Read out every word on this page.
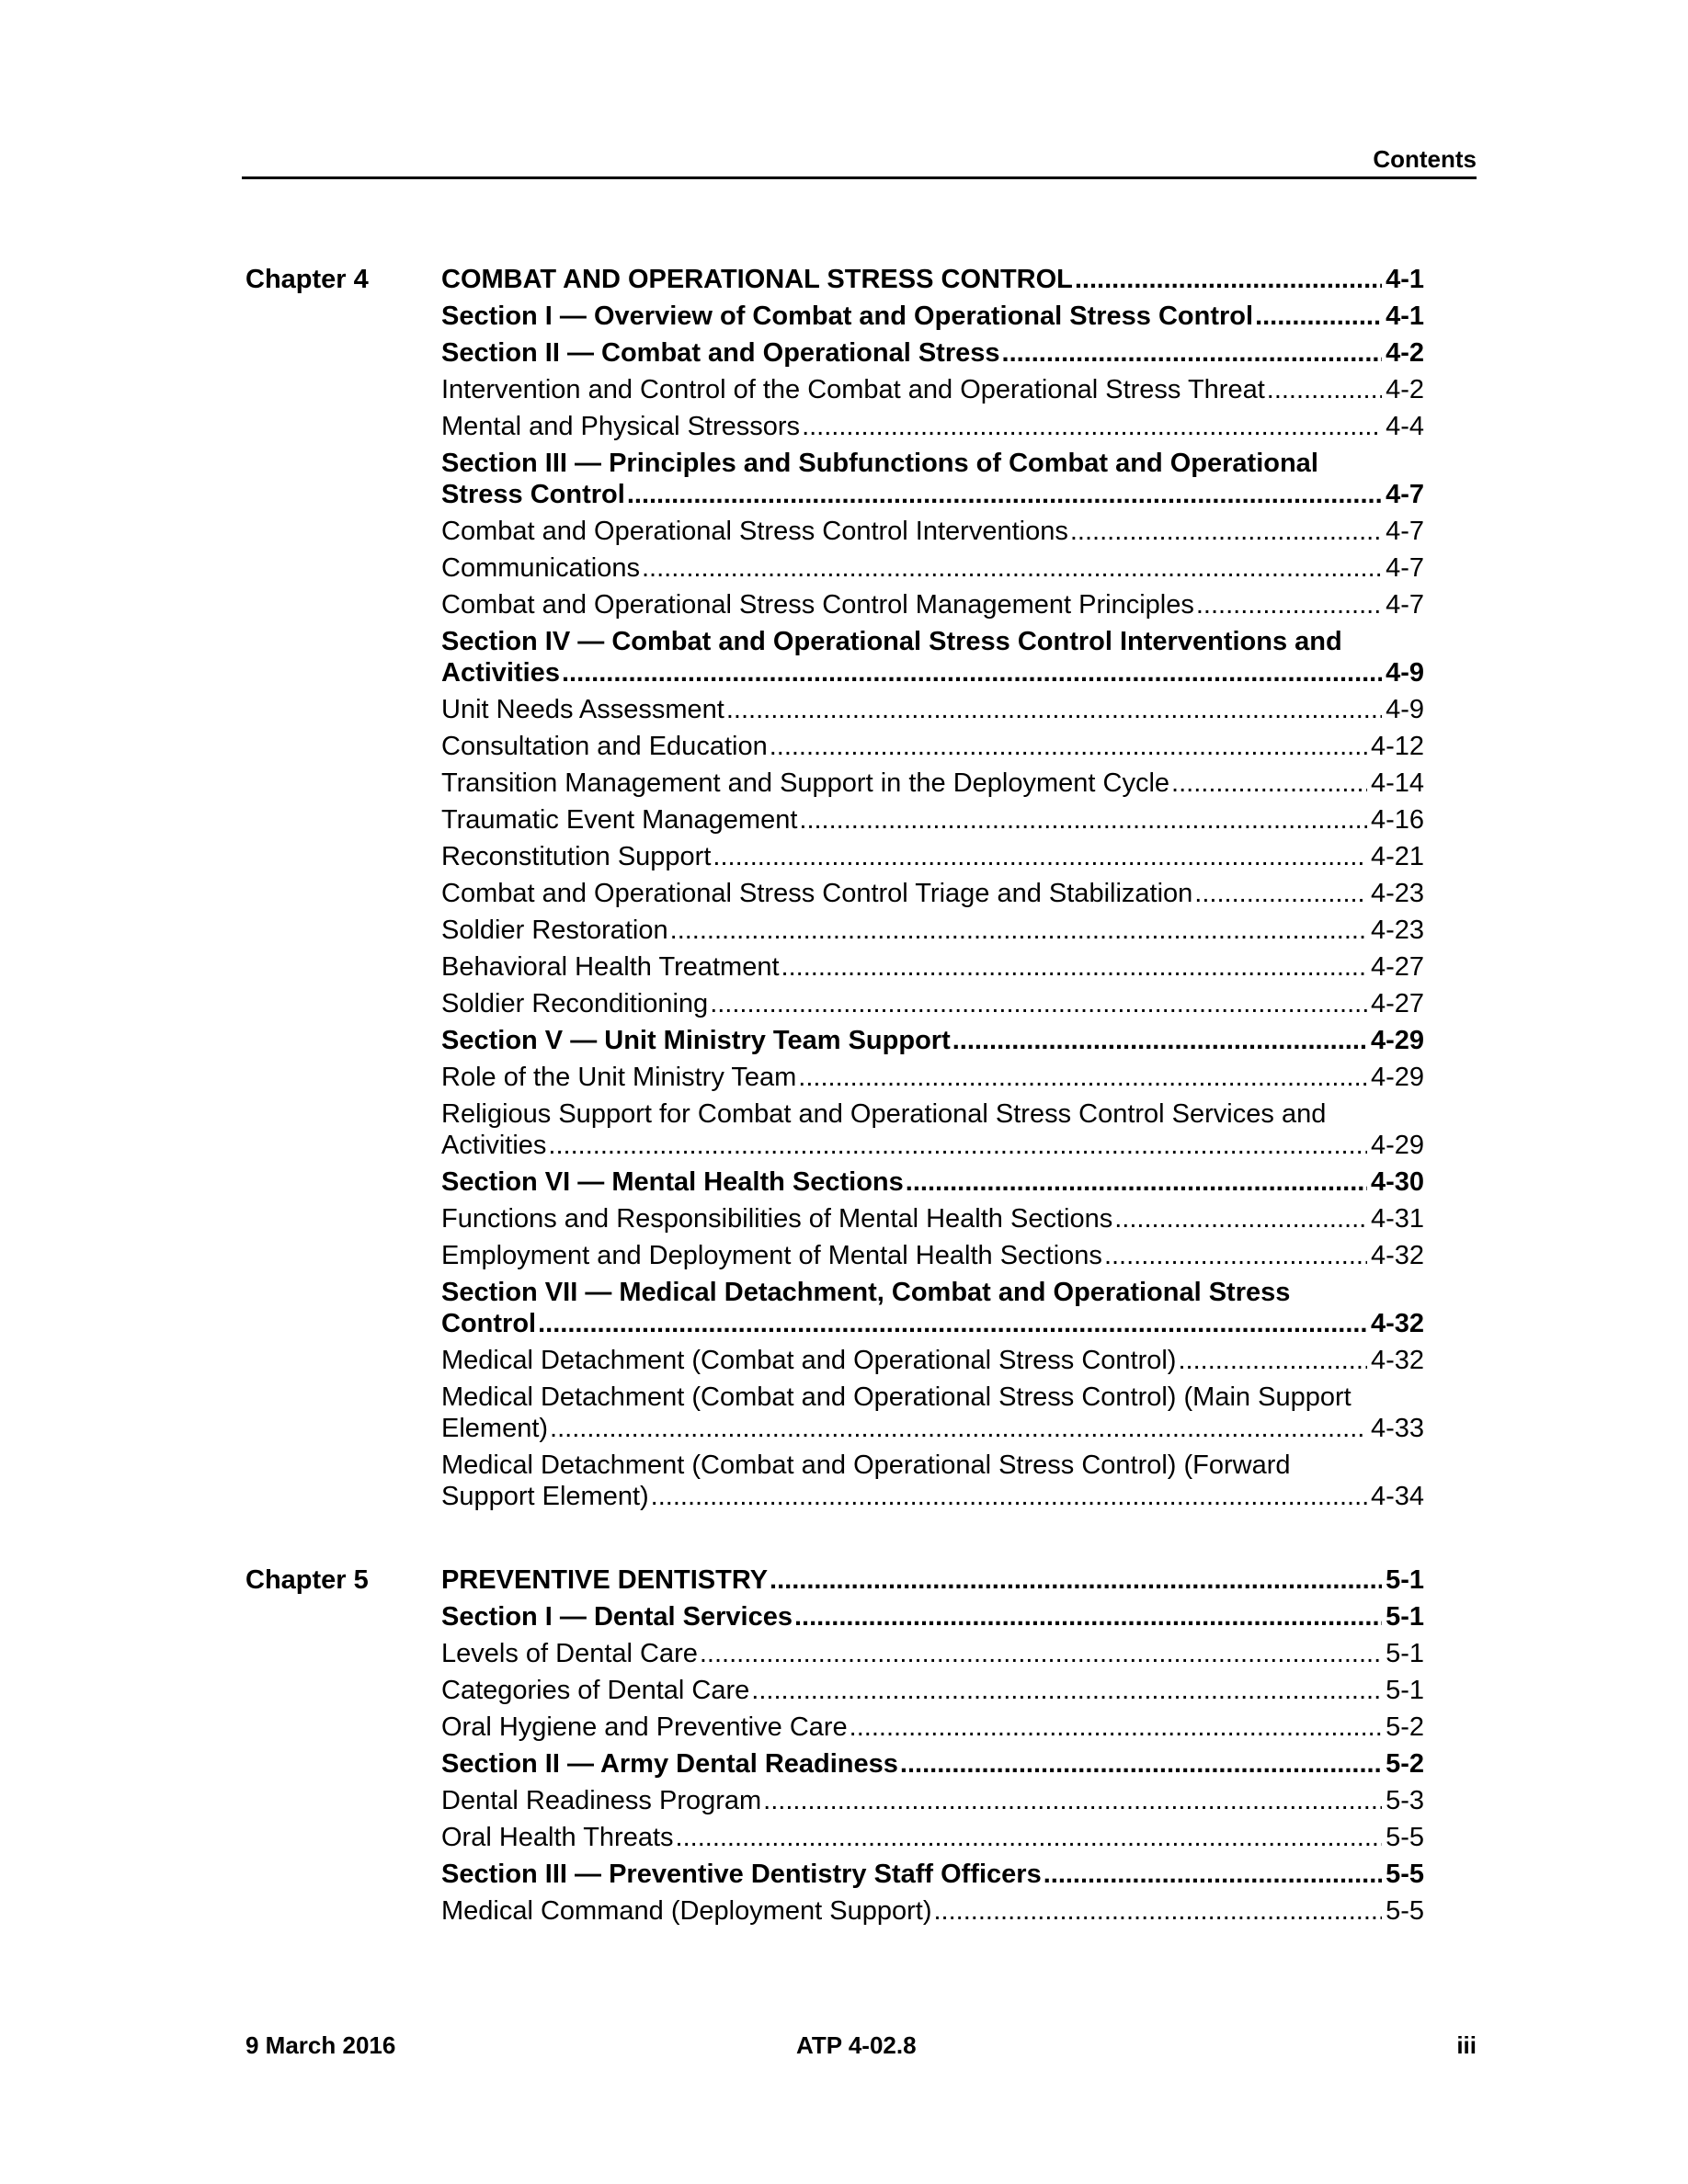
Contents
Chapter 4	COMBAT AND OPERATIONAL STRESS CONTROL .....	4-1
Section I — Overview of Combat and Operational Stress Control .....	4-1
Section II — Combat and Operational Stress .....	4-2
Intervention and Control of the Combat and Operational Stress Threat .....	4-2
Mental and Physical Stressors .....	4-4
Section III — Principles and Subfunctions of Combat and Operational
Stress Control .....	4-7
Combat and Operational Stress Control Interventions .....	4-7
Communications .....	4-7
Combat and Operational Stress Control Management Principles .....	4-7
Section IV — Combat and Operational Stress Control Interventions and
Activities .....	4-9
Unit Needs Assessment .....	4-9
Consultation and Education .....	4-12
Transition Management and Support in the Deployment Cycle .....	4-14
Traumatic Event Management .....	4-16
Reconstitution Support .....	4-21
Combat and Operational Stress Control Triage and Stabilization .....	4-23
Soldier Restoration .....	4-23
Behavioral Health Treatment .....	4-27
Soldier Reconditioning .....	4-27
Section V — Unit Ministry Team Support .....	4-29
Role of the Unit Ministry Team .....	4-29
Religious Support for Combat and Operational Stress Control Services and
Activities .....	4-29
Section VI — Mental Health Sections .....	4-30
Functions and Responsibilities of Mental Health Sections .....	4-31
Employment and Deployment of Mental Health Sections .....	4-32
Section VII — Medical Detachment, Combat and Operational Stress
Control .....	4-32
Medical Detachment (Combat and Operational Stress Control) .....	4-32
Medical Detachment (Combat and Operational Stress Control) (Main Support
Element) .....	4-33
Medical Detachment (Combat and Operational Stress Control) (Forward
Support Element) .....	4-34
Chapter 5	PREVENTIVE DENTISTRY .....	5-1
Section I — Dental Services .....	5-1
Levels of Dental Care .....	5-1
Categories of Dental Care .....	5-1
Oral Hygiene and Preventive Care .....	5-2
Section II — Army Dental Readiness .....	5-2
Dental Readiness Program .....	5-3
Oral Health Threats .....	5-5
Section III — Preventive Dentistry Staff Officers .....	5-5
Medical Command (Deployment Support) .....	5-5
9 March 2016	ATP 4-02.8	iii
